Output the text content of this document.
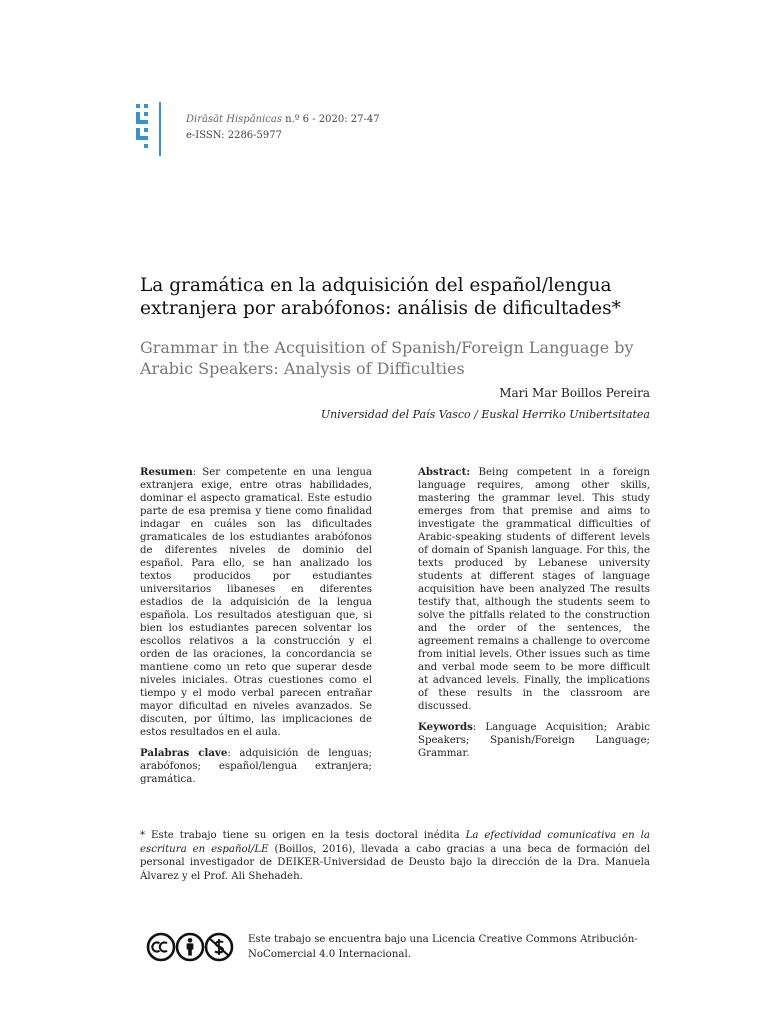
Dirāsāt Hispānicas n.º 6 - 2020: 27-47
e-ISSN: 2286-5977
La gramática en la adquisición del español/lengua extranjera por arabófonos: análisis de dificultades*
Grammar in the Acquisition of Spanish/Foreign Language by Arabic Speakers: Analysis of Difficulties
Mari Mar Boillos Pereira
Universidad del País Vasco / Euskal Herriko Unibertsitatea

Resumen: Ser competente en una lengua extranjera exige, entre otras habilidades, dominar el aspecto gramatical. Este estudio parte de esa premisa y tiene como finalidad indagar en cuáles son las dificultades gramaticales de los estudiantes arabófonos de diferentes niveles de dominio del español. Para ello, se han analizado los textos producidos por estudiantes universitarios libaneses en diferentes estadios de la adquisición de la lengua española. Los resultados atestiguan que, si bien los estudiantes parecen solventar los escollos relativos a la construcción y el orden de las oraciones, la concordancia se mantiene como un reto que superar desde niveles iniciales. Otras cuestiones como el tiempo y el modo verbal parecen entrañar mayor dificultad en niveles avanzados. Se discuten, por último, las implicaciones de estos resultados en el aula.

Palabras clave: adquisición de lenguas; arabófonos; español/lengua extranjera; gramática.

Abstract: Being competent in a foreign language requires, among other skills, mastering the grammar level. This study emerges from that premise and aims to investigate the grammatical difficulties of Arabic-speaking students of different levels of domain of Spanish language. For this, the texts produced by Lebanese university students at different stages of language acquisition have been analyzed The results testify that, although the students seem to solve the pitfalls related to the construction and the order of the sentences, the agreement remains a challenge to overcome from initial levels. Other issues such as time and verbal mode seem to be more difficult at advanced levels. Finally, the implications of these results in the classroom are discussed.

Keywords: Language Acquisition; Arabic Speakers; Spanish/Foreign Language; Grammar.

* Este trabajo tiene su origen en la tesis doctoral inédita La efectividad comunicativa en la escritura en español/LE (Boillos, 2016), llevada a cabo gracias a una beca de formación del personal investigador de DEIKER-Universidad de Deusto bajo la dirección de la Dra. Manuela Álvarez y el Prof. Ali Shehadeh.
Este trabajo se encuentra bajo una Licencia Creative Commons Atribución-NoComercial 4.0 Internacional.
